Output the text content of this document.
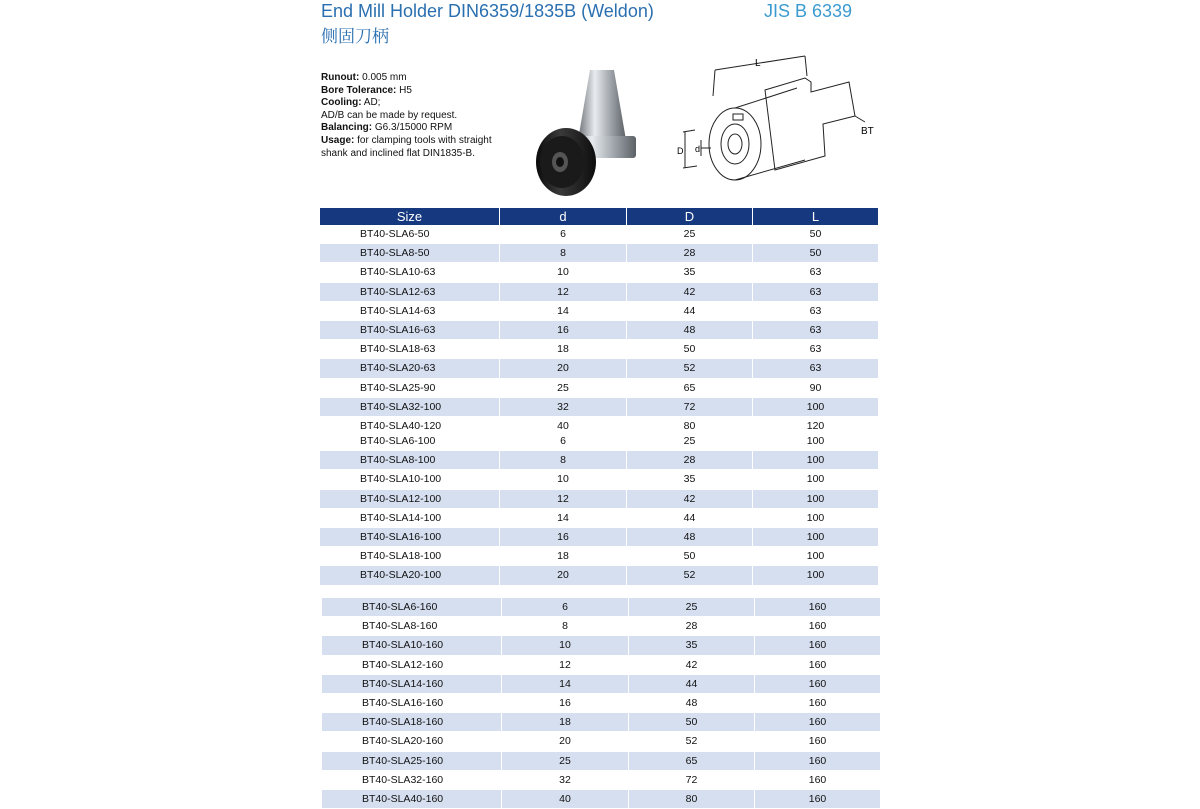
End Mill Holder DIN6359/1835B (Weldon)
侧固刀柄
JIS B 6339
Runout: 0.005 mm
Bore Tolerance: H5
Cooling: AD;
AD/B can be made by request.
Balancing: G6.3/15000 RPM
Usage: for clamping tools with straight shank and inclined flat DIN1835-B.
L
D d
BT
Size	d	D	L
BT40-SLA6-50	6	25	50
BT40-SLA8-50	8	28	50
BT40-SLA10-63	10	35	63
BT40-SLA12-63	12	42	63
BT40-SLA14-63	14	44	63
BT40-SLA16-63	16	48	63
BT40-SLA18-63	18	50	63
BT40-SLA20-63	20	52	63
BT40-SLA25-90	25	65	90
BT40-SLA32-100	32	72	100
BT40-SLA40-120	40	80	120
BT40-SLA6-100	6	25	100
BT40-SLA8-100	8	28	100
BT40-SLA10-100	10	35	100
BT40-SLA12-100	12	42	100
BT40-SLA14-100	14	44	100
BT40-SLA16-100	16	48	100
BT40-SLA18-100	18	50	100
BT40-SLA20-100	20	52	100
BT40-SLA6-160	6	25	160
BT40-SLA8-160	8	28	160
BT40-SLA10-160	10	35	160
BT40-SLA12-160	12	42	160
BT40-SLA14-160	14	44	160
BT40-SLA16-160	16	48	160
BT40-SLA18-160	18	50	160
BT40-SLA20-160	20	52	160
BT40-SLA25-160	25	65	160
BT40-SLA32-160	32	72	160
BT40-SLA40-160	40	80	160
